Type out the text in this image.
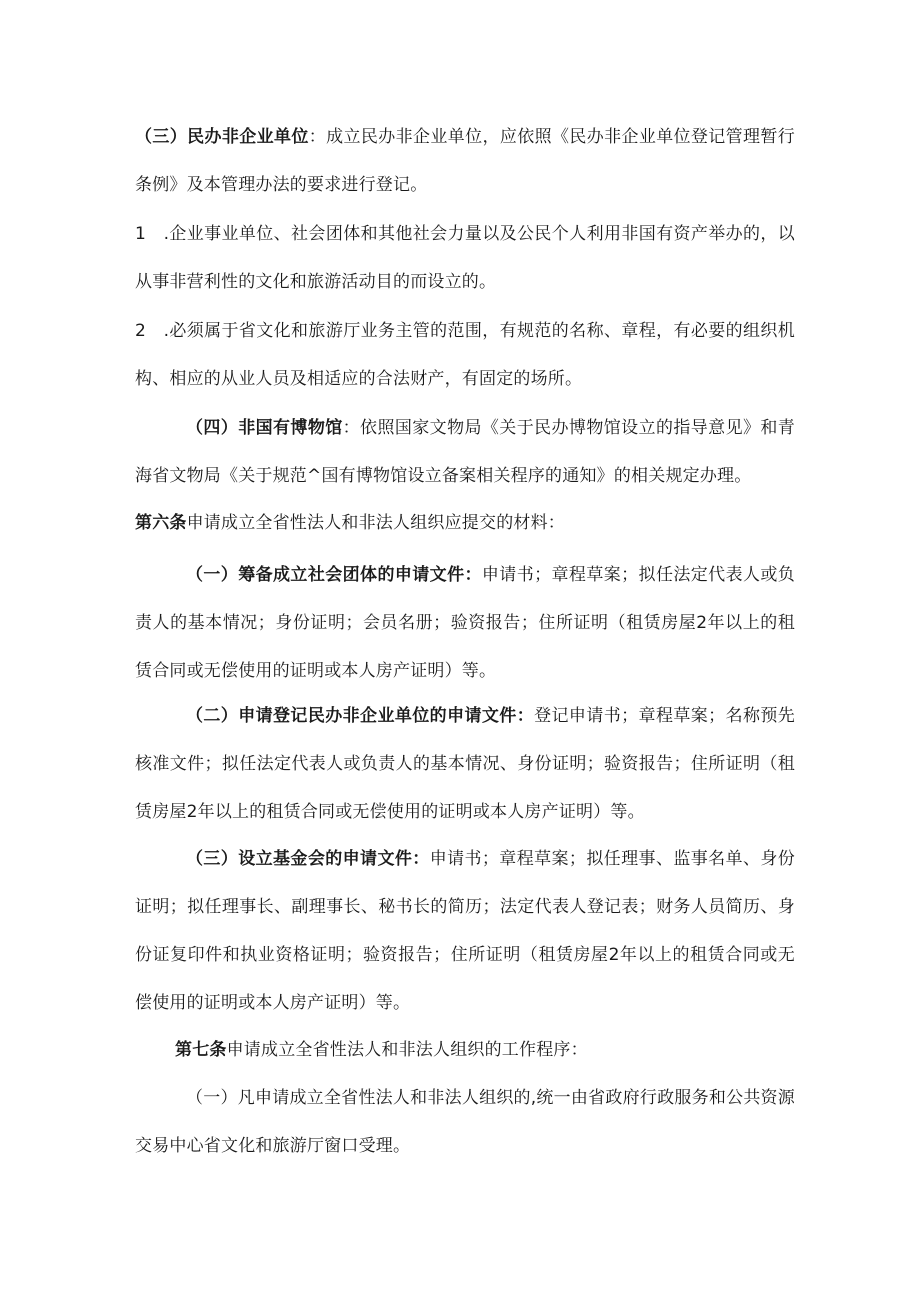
（三）民办非企业单位：成立民办非企业单位，应依照《民办非企业单位登记管理暂行条例》及本管理办法的要求进行登记。

1　.企业事业单位、社会团体和其他社会力量以及公民个人利用非国有资产举办的，以从事非营利性的文化和旅游活动目的而设立的。

2　.必须属于省文化和旅游厅业务主管的范围，有规范的名称、章程，有必要的组织机构、相应的从业人员及相适应的合法财产，有固定的场所。

（四）非国有博物馆：依照国家文物局《关于民办博物馆设立的指导意见》和青海省文物局《关于规范^国有博物馆设立备案相关程序的通知》的相关规定办理。

第六条申请成立全省性法人和非法人组织应提交的材料：

（一）筹备成立社会团体的申请文件：申请书；章程草案；拟任法定代表人或负责人的基本情况；身份证明；会员名册；验资报告；住所证明（租赁房屋2年以上的租赁合同或无偿使用的证明或本人房产证明）等。

（二）申请登记民办非企业单位的申请文件：登记申请书；章程草案；名称预先核准文件；拟任法定代表人或负责人的基本情况、身份证明；验资报告；住所证明（租赁房屋2年以上的租赁合同或无偿使用的证明或本人房产证明）等。

（三）设立基金会的申请文件：申请书；章程草案；拟任理事、监事名单、身份证明；拟任理事长、副理事长、秘书长的简历；法定代表人登记表；财务人员简历、身份证复印件和执业资格证明；验资报告；住所证明（租赁房屋2年以上的租赁合同或无偿使用的证明或本人房产证明）等。

第七条申请成立全省性法人和非法人组织的工作程序：

（一）凡申请成立全省性法人和非法人组织的,统一由省政府行政服务和公共资源交易中心省文化和旅游厅窗口受理。
